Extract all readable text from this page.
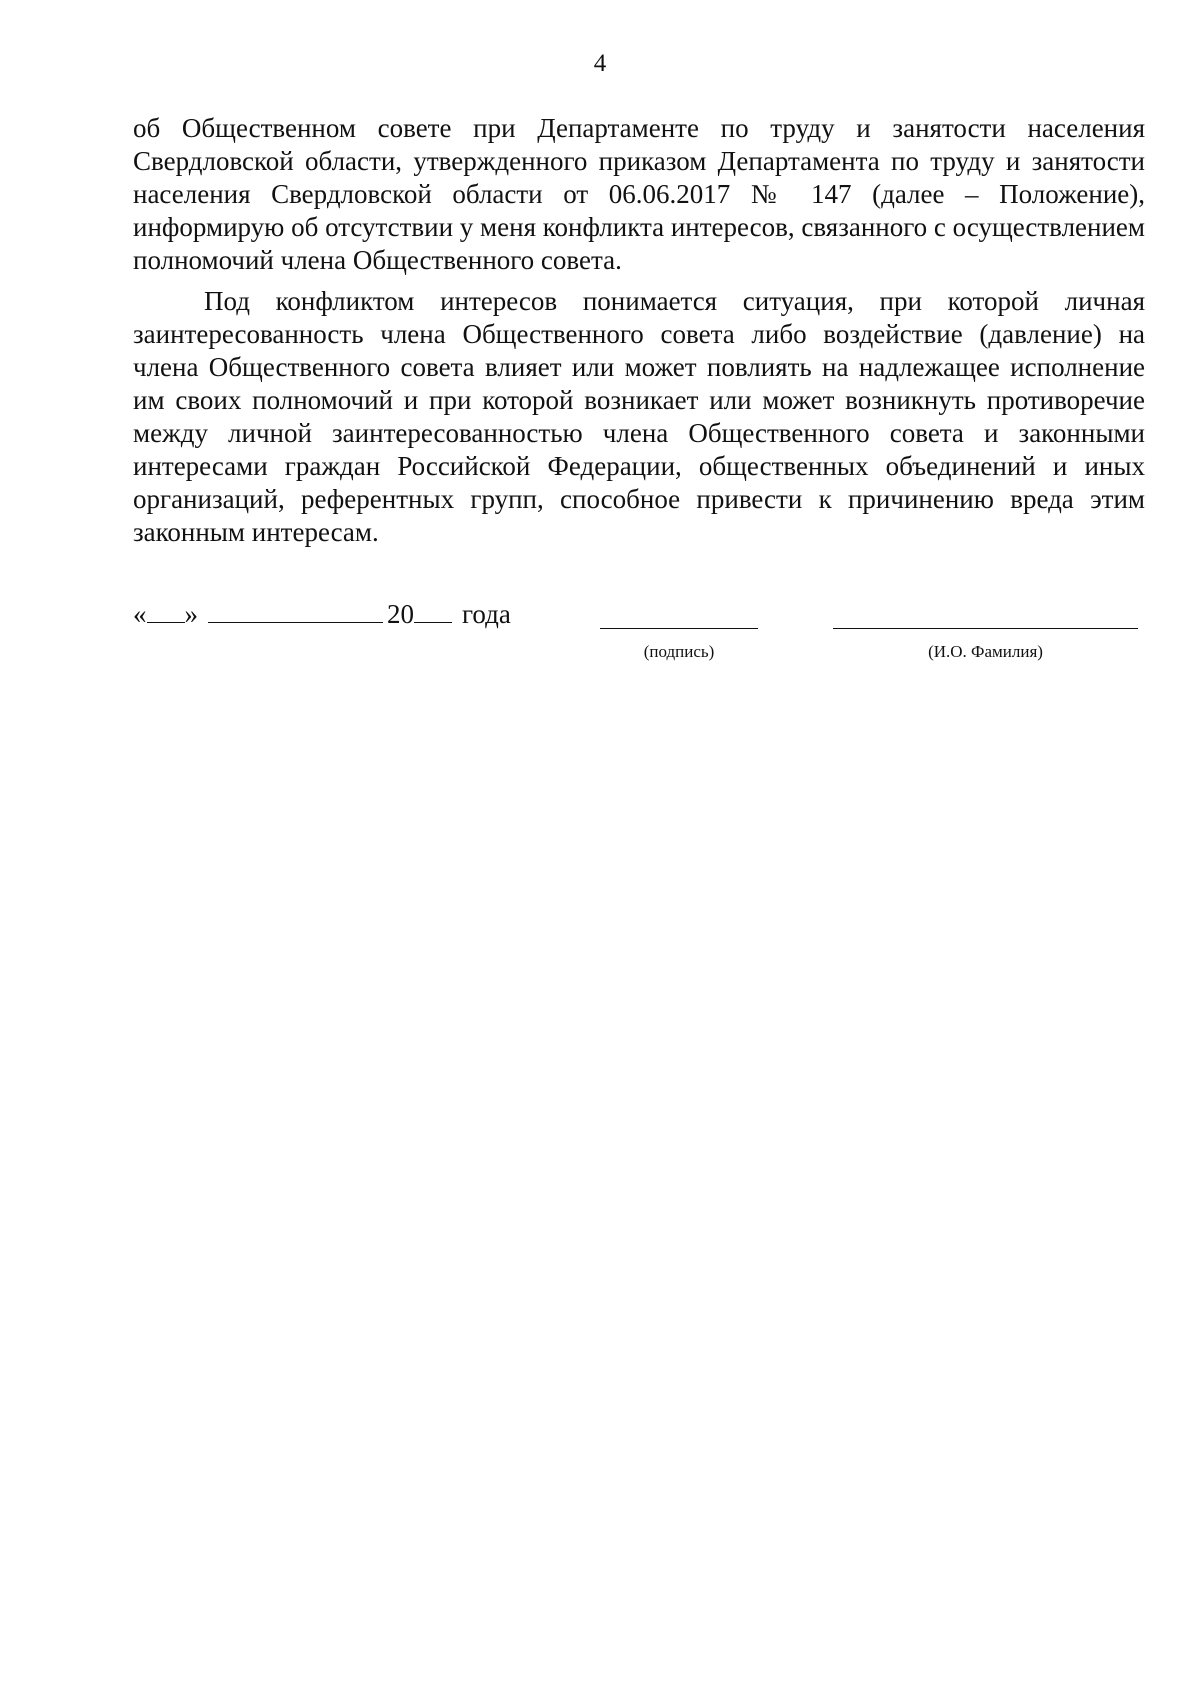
4

об Общественном совете при Департаменте по труду и занятости населения Свердловской области, утвержденного приказом Департамента по труду и занятости населения Свердловской области от 06.06.2017 № 147 (далее – Положение), информирую об отсутствии у меня конфликта интересов, связанного с осуществлением полномочий члена Общественного совета.

Под конфликтом интересов понимается ситуация, при которой личная заинтересованность члена Общественного совета либо воздействие (давление) на члена Общественного совета влияет или может повлиять на надлежащее исполнение им своих полномочий и при которой возникает или может возникнуть противоречие между личной заинтересованностью члена Общественного совета и законными интересами граждан Российской Федерации, общественных объединений и иных организаций, референтных групп, способное привести к причинению вреда этим законным интересам.

« »	20 года
(подпись)	(И.О. Фамилия)
